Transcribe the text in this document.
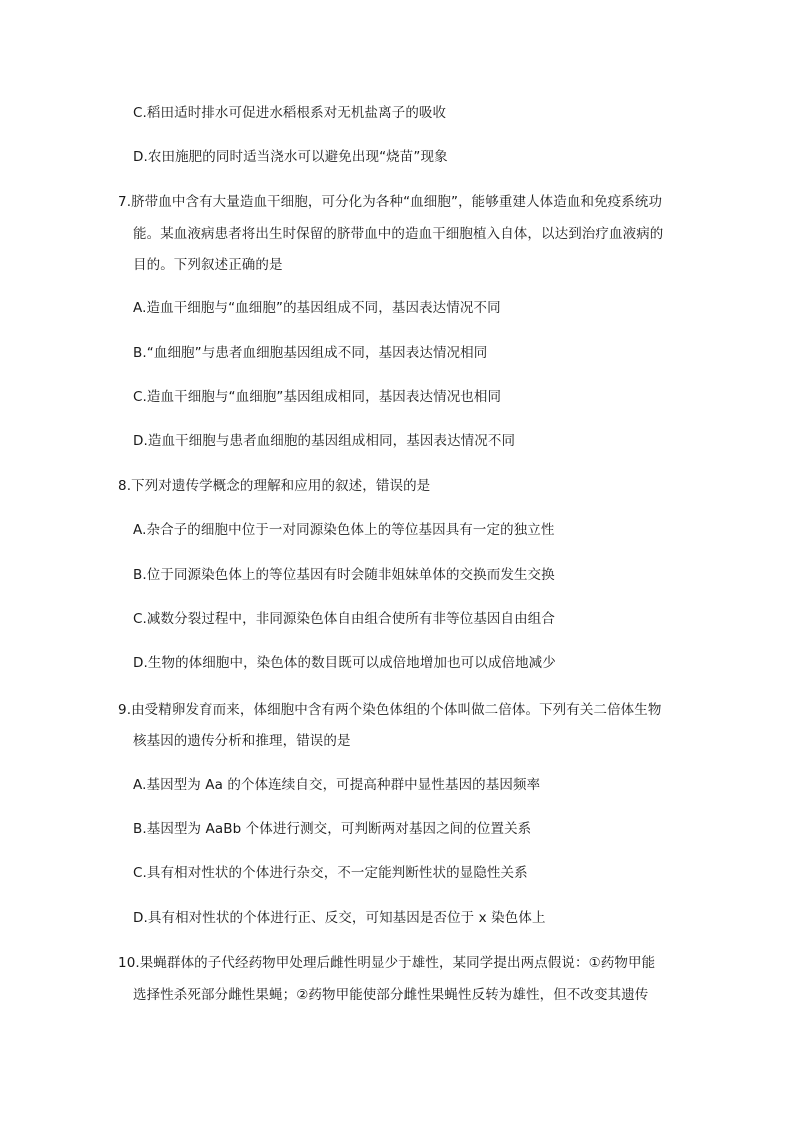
C.稻田适时排水可促进水稻根系对无机盐离子的吸收
D.农田施肥的同时适当浇水可以避免出现“烧苗”现象
7.脐带血中含有大量造血干细胞，可分化为各种“血细胞”，能够重建人体造血和免疫系统功
能。某血液病患者将出生时保留的脐带血中的造血干细胞植入自体，以达到治疗血液病的
目的。下列叙述正确的是
A.造血干细胞与“血细胞”的基因组成不同，基因表达情况不同
B.“血细胞”与患者血细胞基因组成不同，基因表达情况相同
C.造血干细胞与“血细胞”基因组成相同，基因表达情况也相同
D.造血干细胞与患者血细胞的基因组成相同，基因表达情况不同
8.下列对遗传学概念的理解和应用的叙述，错误的是
A.杂合子的细胞中位于一对同源染色体上的等位基因具有一定的独立性
B.位于同源染色体上的等位基因有时会随非姐妹单体的交换而发生交换
C.减数分裂过程中，非同源染色体自由组合使所有非等位基因自由组合
D.生物的体细胞中，染色体的数目既可以成倍地增加也可以成倍地减少
9.由受精卵发育而来，体细胞中含有两个染色体组的个体叫做二倍体。下列有关二倍体生物
核基因的遗传分析和推理，错误的是
A.基因型为 Aa 的个体连续自交，可提高种群中显性基因的基因频率
B.基因型为 AaBb 个体进行测交，可判断两对基因之间的位置关系
C.具有相对性状的个体进行杂交，不一定能判断性状的显隐性关系
D.具有相对性状的个体进行正、反交，可知基因是否位于 x 染色体上
10.果蝇群体的子代经药物甲处理后雌性明显少于雄性，某同学提出两点假说：①药物甲能
选择性杀死部分雌性果蝇；②药物甲能使部分雌性果蝇性反转为雄性，但不改变其遗传
